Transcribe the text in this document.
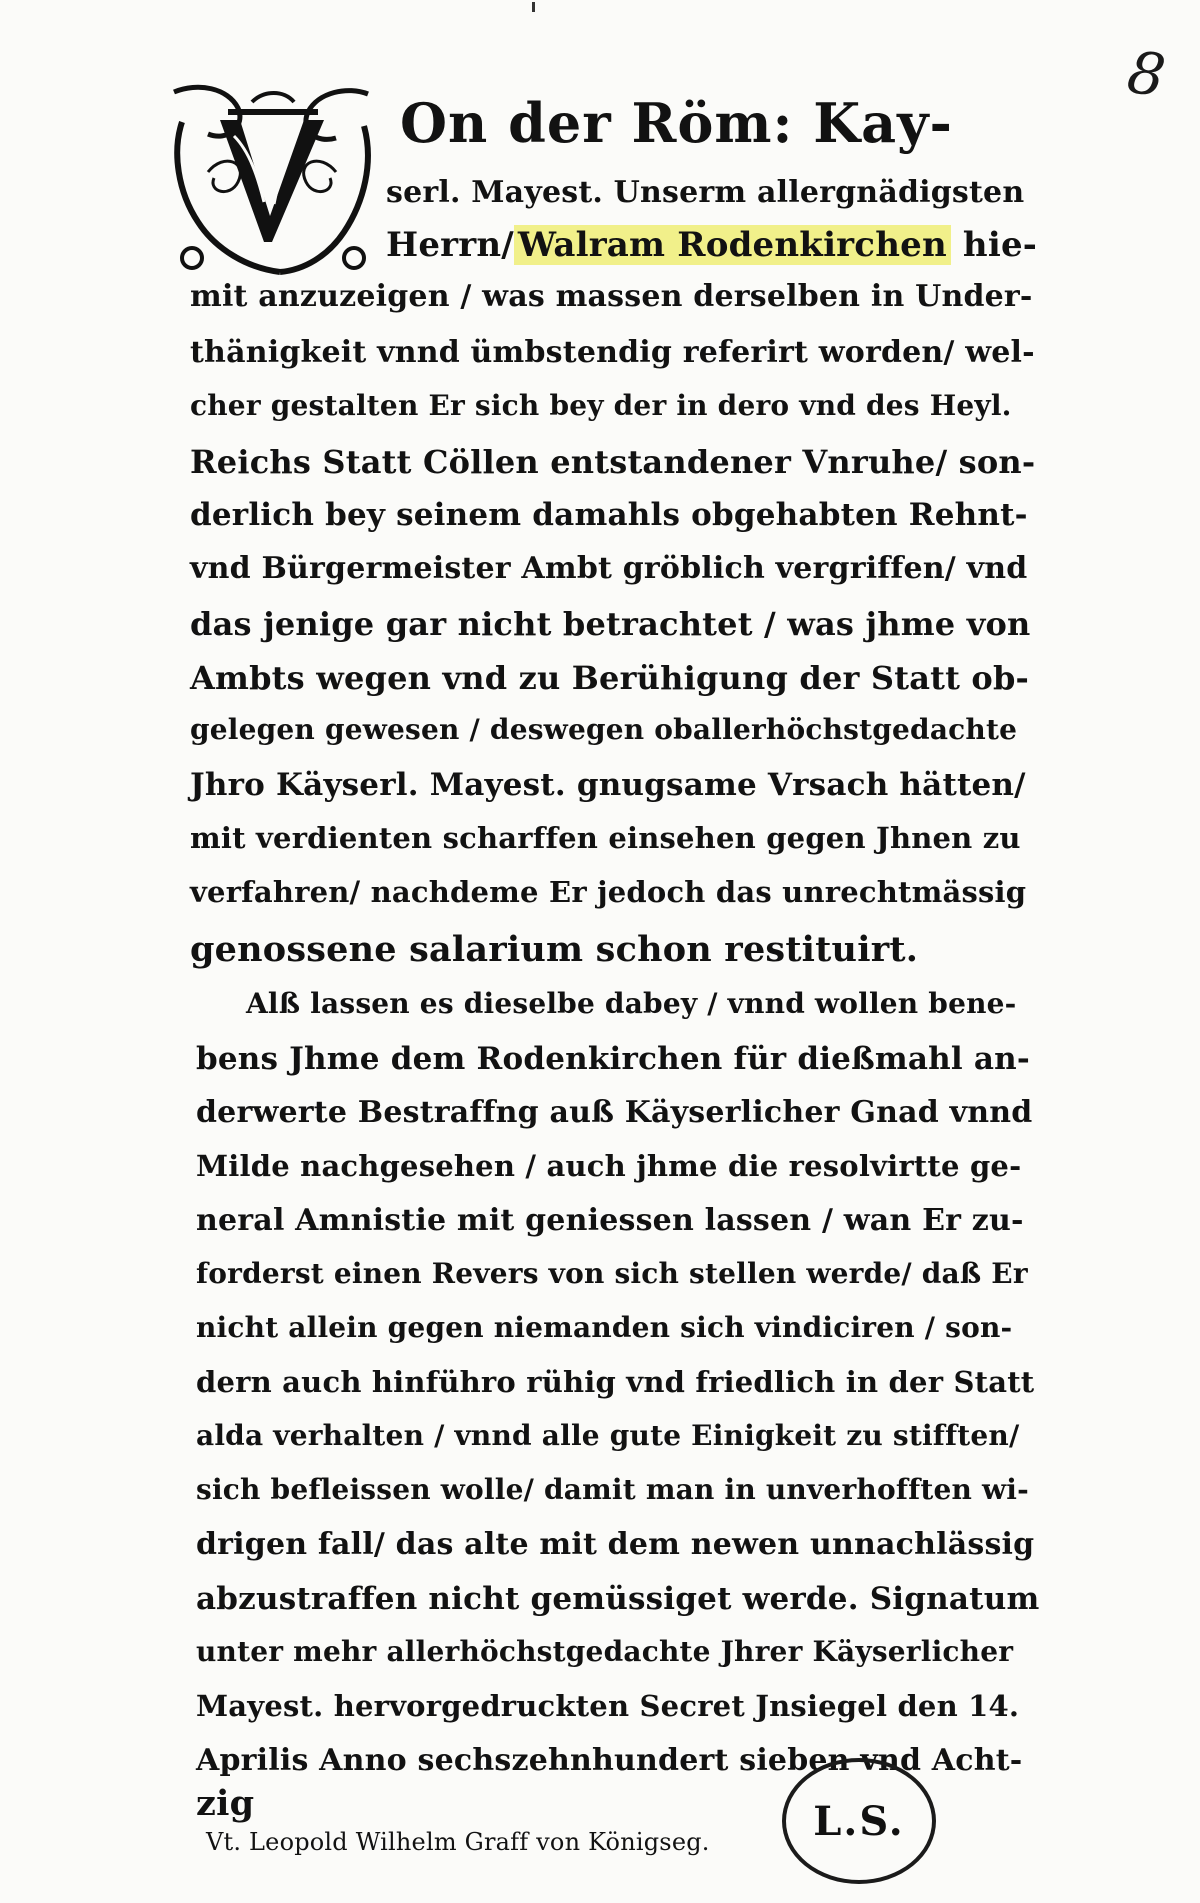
8
On der Röm: Kay-
serl. Mayest. Unserm allergnädigsten
Herrn/ Walram Rodenkirchen hie-
mit anzuzeigen / was massen derselben in Under-
thänigkeit vnnd ümbstendig referirt worden/ wel-
cher gestalten Er sich bey der in dero vnd des Heyl.
Reichs Statt Cöllen entstandener Vnruhe/ son-
derlich bey seinem damahls obgehabten Rehnt-
vnd Bürgermeister Ambt gröblich vergriffen/ vnd
das jenige gar nicht betrachtet / was jhme von
Ambts wegen vnd zu Berühigung der Statt ob-
gelegen gewesen / deswegen oballerhöchstgedachte
Jhro Käyserl. Mayest. gnugsame Vrsach hätten/
mit verdienten scharffen einsehen gegen Jhnen zu
verfahren/ nachdeme Er jedoch das unrechtmässig
genossene salarium schon restituirt.
Alß lassen es dieselbe dabey / vnnd wollen bene-
bens Jhme dem Rodenkirchen für dießmahl an-
derwerte Bestraffng auß Käyserlicher Gnad vnnd
Milde nachgesehen / auch jhme die resolvirtte ge-
neral Amnistie mit geniessen lassen / wan Er zu-
forderst einen Revers von sich stellen werde/ daß Er
nicht allein gegen niemanden sich vindiciren / son-
dern auch hinführo rühig vnd friedlich in der Statt
alda verhalten / vnnd alle gute Einigkeit zu stifften/
sich befleissen wolle/ damit man in unverhofften wi-
drigen fall/ das alte mit dem newen unnachlässig
abzustraffen nicht gemüssiget werde. Signatum
unter mehr allerhöchstgedachte Jhrer Käyserlicher
Mayest. hervorgedruckten Secret Jnsiegel den 14.
Aprilis Anno sechszehnhundert sieben vnd Acht-
zig
Vt. Leopold Wilhelm Graff von Königseg.	L.S.
